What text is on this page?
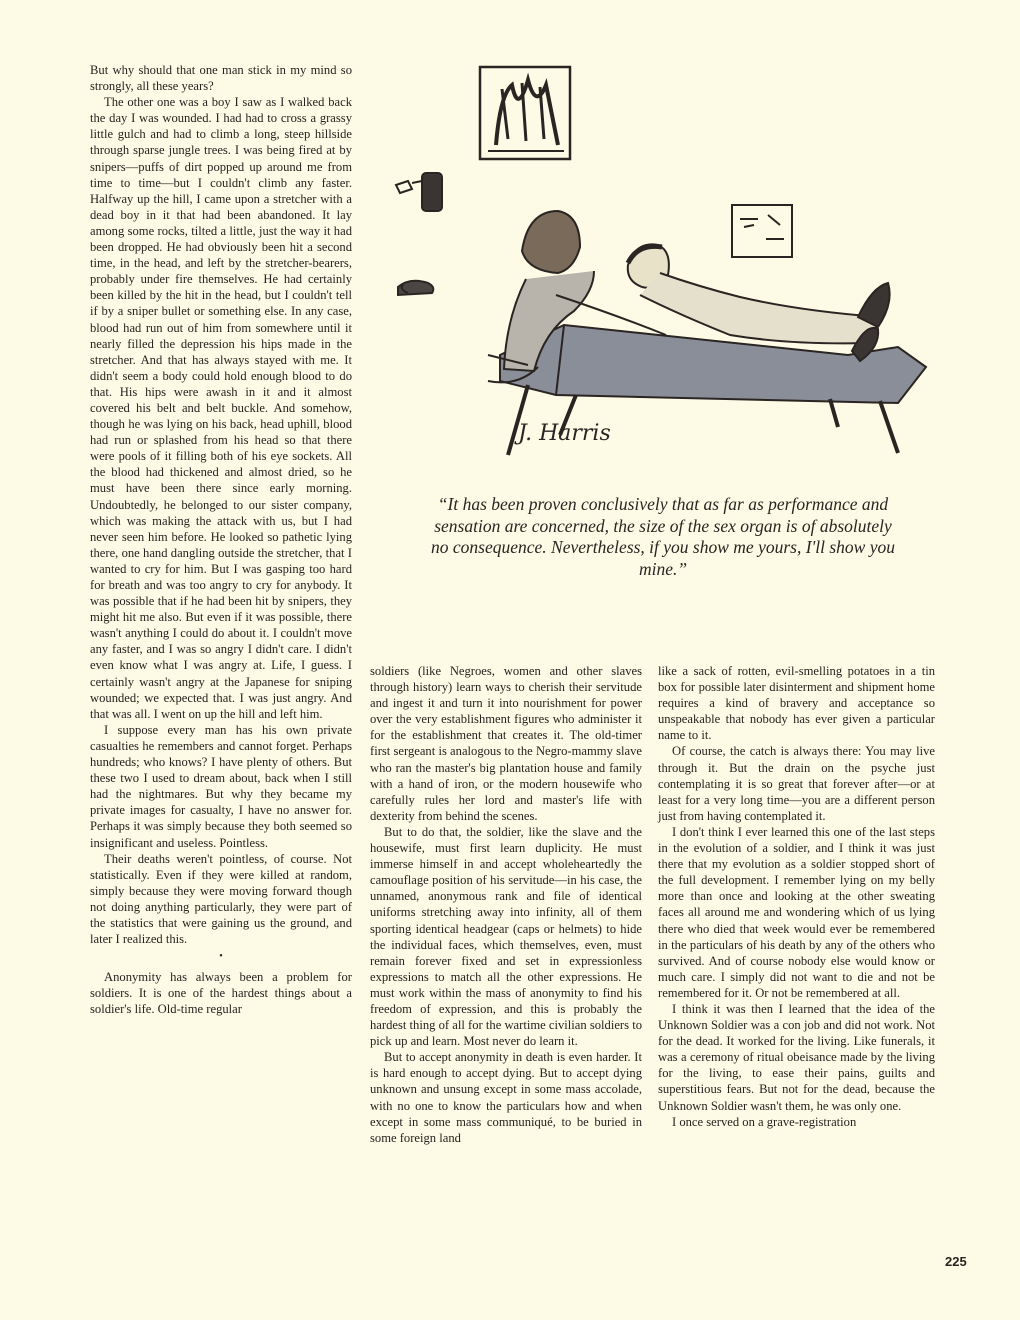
But why should that one man stick in my mind so strongly, all these years?

The other one was a boy I saw as I walked back the day I was wounded. I had had to cross a grassy little gulch and had to climb a long, steep hillside through sparse jungle trees. I was being fired at by snipers—puffs of dirt popped up around me from time to time—but I couldn't climb any faster. Halfway up the hill, I came upon a stretcher with a dead boy in it that had been abandoned. It lay among some rocks, tilted a little, just the way it had been dropped. He had obviously been hit a second time, in the head, and left by the stretcher-bearers, probably under fire themselves. He had certainly been killed by the hit in the head, but I couldn't tell if by a sniper bullet or something else. In any case, blood had run out of him from somewhere until it nearly filled the depression his hips made in the stretcher. And that has always stayed with me. It didn't seem a body could hold enough blood to do that. His hips were awash in it and it almost covered his belt and belt buckle. And somehow, though he was lying on his back, head uphill, blood had run or splashed from his head so that there were pools of it filling both of his eye sockets. All the blood had thickened and almost dried, so he must have been there since early morning. Undoubtedly, he belonged to our sister company, which was making the attack with us, but I had never seen him before. He looked so pathetic lying there, one hand dangling outside the stretcher, that I wanted to cry for him. But I was gasping too hard for breath and was too angry to cry for anybody. It was possible that if he had been hit by snipers, they might hit me also. But even if it was possible, there wasn't anything I could do about it. I couldn't move any faster, and I was so angry I didn't care. I didn't even know what I was angry at. Life, I guess. I certainly wasn't angry at the Japanese for sniping wounded; we expected that. I was just angry. And that was all. I went on up the hill and left him.

I suppose every man has his own private casualties he remembers and cannot forget. Perhaps hundreds; who knows? I have plenty of others. But these two I used to dream about, back when I still had the nightmares. But why they became my private images for casualty, I have no answer for. Perhaps it was simply because they both seemed so insignificant and useless. Pointless.

Their deaths weren't pointless, of course. Not statistically. Even if they were killed at random, simply because they were moving forward though not doing anything particularly, they were part of the statistics that were gaining us the ground, and later I realized this.

•

Anonymity has always been a problem for soldiers. It is one of the hardest things about a soldier's life. Old-time regular

soldiers (like Negroes, women and other slaves through history) learn ways to cherish their servitude and ingest it and turn it into nourishment for power over the very establishment figures who administer it for the establishment that creates it. The old-timer first sergeant is analogous to the Negro-mammy slave who ran the master's big plantation house and family with a hand of iron, or the modern housewife who carefully rules her lord and master's life with dexterity from behind the scenes.

But to do that, the soldier, like the slave and the housewife, must first learn duplicity. He must immerse himself in and accept wholeheartedly the camouflage position of his servitude—in his case, the unnamed, anonymous rank and file of identical uniforms stretching away into infinity, all of them sporting identical headgear (caps or helmets) to hide the individual faces, which themselves, even, must remain forever fixed and set in expressionless expressions to match all the other expressions. He must work within the mass of anonymity to find his freedom of expression, and this is probably the hardest thing of all for the wartime civilian soldiers to pick up and learn. Most never do learn it.

But to accept anonymity in death is even harder. It is hard enough to accept dying. But to accept dying unknown and unsung except in some mass accolade, with no one to know the particulars how and when except in some mass communiqué, to be buried in some foreign land

like a sack of rotten, evil-smelling potatoes in a tin box for possible later disinterment and shipment home requires a kind of bravery and acceptance so unspeakable that nobody has ever given a particular name to it.

Of course, the catch is always there: You may live through it. But the drain on the psyche just contemplating it is so great that forever after—or at least for a very long time—you are a different person just from having contemplated it.

I don't think I ever learned this one of the last steps in the evolution of a soldier, and I think it was just there that my evolution as a soldier stopped short of the full development. I remember lying on my belly more than once and looking at the other sweating faces all around me and wondering which of us lying there who died that week would ever be remembered in the particulars of his death by any of the others who survived. And of course nobody else would know or much care. I simply did not want to die and not be remembered for it. Or not be remembered at all.

I think it was then I learned that the idea of the Unknown Soldier was a con job and did not work. Not for the dead. It worked for the living. Like funerals, it was a ceremony of ritual obeisance made by the living for the living, to ease their pains, guilts and superstitious fears. But not for the dead, because the Unknown Soldier wasn't them, he was only one.

I once served on a grave-registration

J. Harris
“It has been proven conclusively that as far as performance and sensation are concerned, the size of the sex organ is of absolutely no consequence. Nevertheless, if you show me yours, I'll show you mine.”
225
